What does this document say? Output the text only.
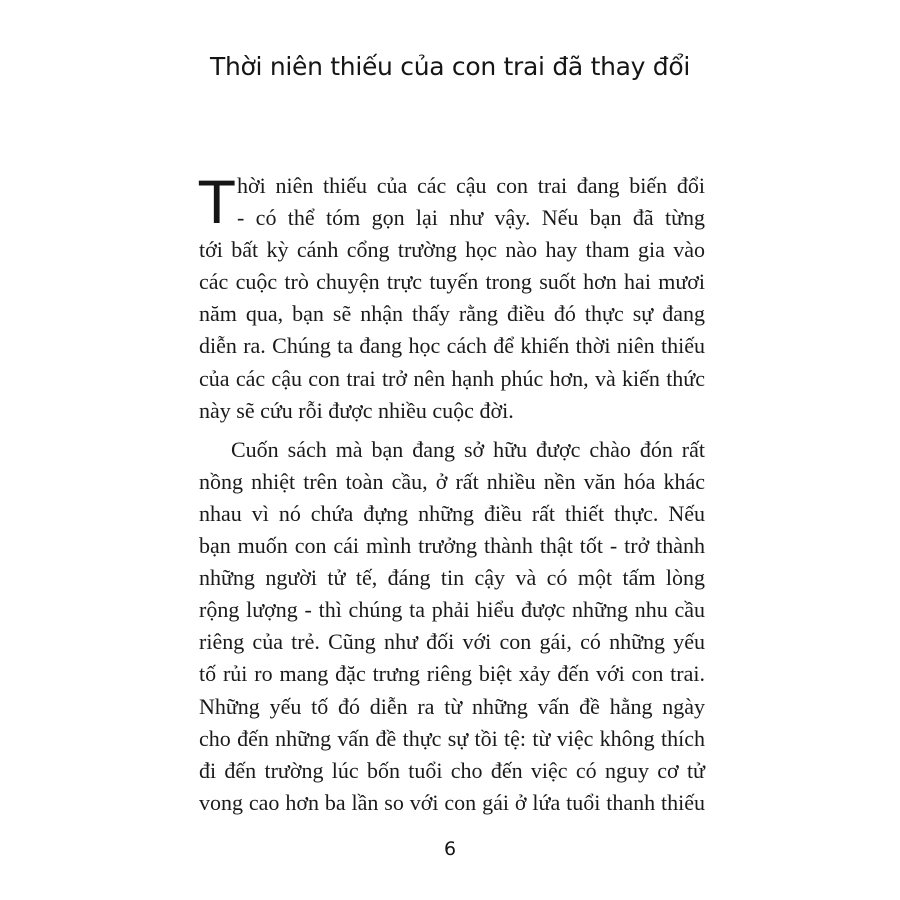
Thời niên thiếu của con trai đã thay đổi
T hời niên thiếu của các cậu con trai đang biến đổi
- có thể tóm gọn lại như vậy. Nếu bạn đã từng
tới bất kỳ cánh cổng trường học nào hay tham gia vào
các cuộc trò chuyện trực tuyến trong suốt hơn hai mươi
năm qua, bạn sẽ nhận thấy rằng điều đó thực sự đang
diễn ra. Chúng ta đang học cách để khiến thời niên thiếu
của các cậu con trai trở nên hạnh phúc hơn, và kiến thức
này sẽ cứu rỗi được nhiều cuộc đời.
Cuốn sách mà bạn đang sở hữu được chào đón rất
nồng nhiệt trên toàn cầu, ở rất nhiều nền văn hóa khác
nhau vì nó chứa đựng những điều rất thiết thực. Nếu
bạn muốn con cái mình trưởng thành thật tốt - trở thành
những người tử tế, đáng tin cậy và có một tấm lòng
rộng lượng - thì chúng ta phải hiểu được những nhu cầu
riêng của trẻ. Cũng như đối với con gái, có những yếu
tố rủi ro mang đặc trưng riêng biệt xảy đến với con trai.
Những yếu tố đó diễn ra từ những vấn đề hằng ngày
cho đến những vấn đề thực sự tồi tệ: từ việc không thích
đi đến trường lúc bốn tuổi cho đến việc có nguy cơ tử
vong cao hơn ba lần so với con gái ở lứa tuổi thanh thiếu
6
